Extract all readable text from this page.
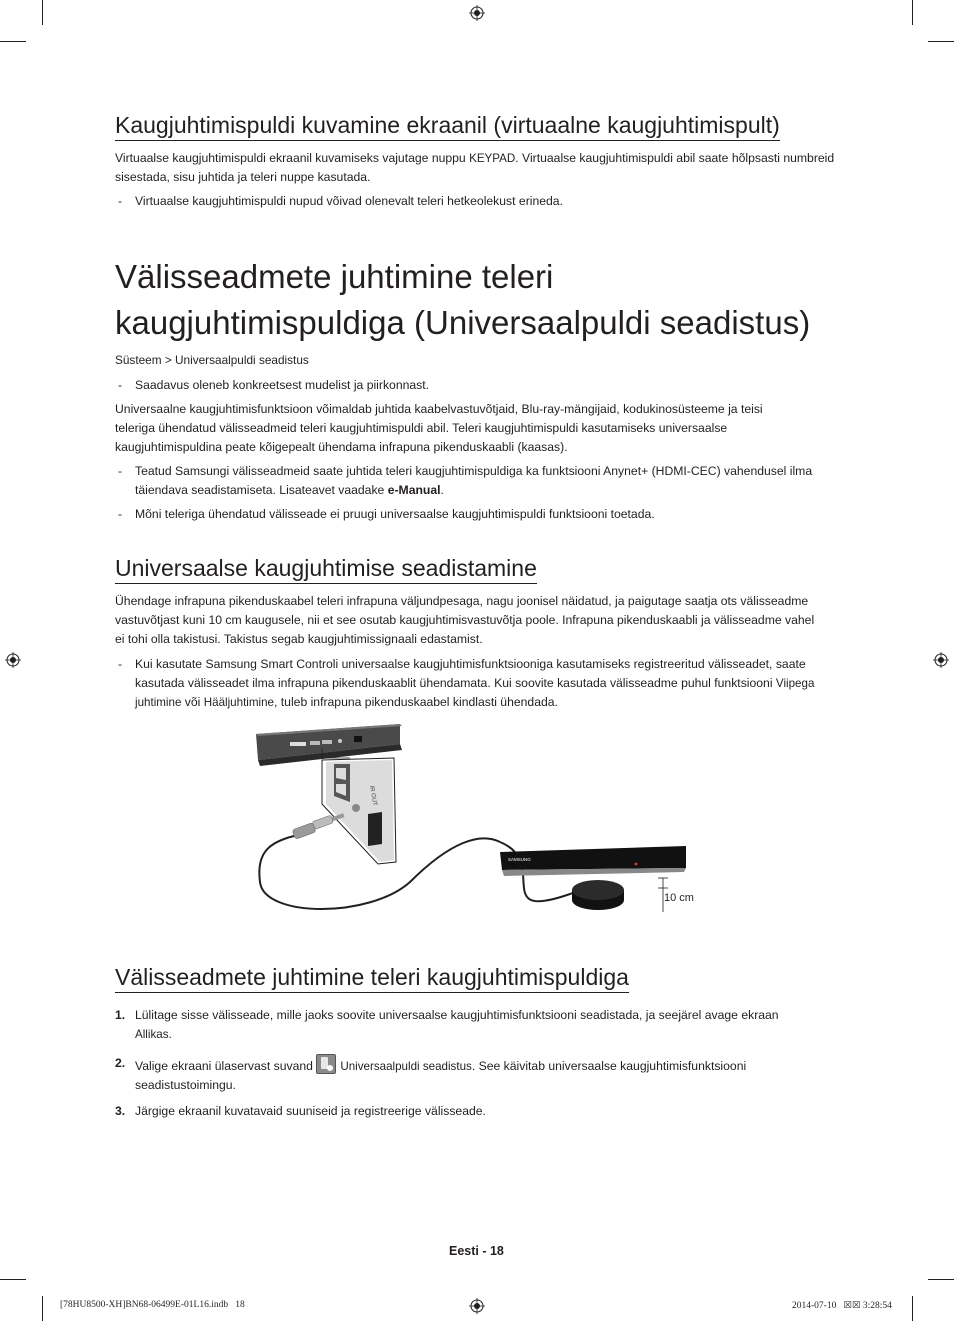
Kaugjuhtimispuldi kuvamine ekraanil (virtuaalne kaugjuhtimispult)
Virtuaalse kaugjuhtimispuldi ekraanil kuvamiseks vajutage nuppu KEYPAD. Virtuaalse kaugjuhtimispuldi abil saate hõlpsasti numbreid sisestada, sisu juhtida ja teleri nuppe kasutada.
- Virtuaalse kaugjuhtimispuldi nupud võivad olenevalt teleri hetkeolekust erineda.
Välisseadmete juhtimine teleri
kaugjuhtimispuldiga (Universaalpuldi seadistus)
Süsteem > Universaalpuldi seadistus
- Saadavus oleneb konkreetsest mudelist ja piirkonnast.
Universaalne kaugjuhtimisfunktsioon võimaldab juhtida kaabelvastuvõtjaid, Blu-ray-mängijaid, kodukinosüsteeme ja teisi teleriga ühendatud välisseadmeid teleri kaugjuhtimispuldi abil. Teleri kaugjuhtimispuldi kasutamiseks universaalse kaugjuhtimispuldina peate kõigepealt ühendama infrapuna pikenduskaabli (kaasas).
- Teatud Samsungi välisseadmeid saate juhtida teleri kaugjuhtimispuldiga ka funktsiooni Anynet+ (HDMI-CEC) vahendusel ilma täiendava seadistamiseta. Lisateavet vaadake e-Manual.
- Mõni teleriga ühendatud välisseade ei pruugi universaalse kaugjuhtimispuldi funktsiooni toetada.
Universaalse kaugjuhtimise seadistamine
Ühendage infrapuna pikenduskaabel teleri infrapuna väljundpesaga, nagu joonisel näidatud, ja paigutage saatja ots välisseadme vastuvõtjast kuni 10 cm kaugusele, nii et see osutab kaugjuhtimisvastuvõtja poole. Infrapuna pikenduskaabli ja välisseadme vahel ei tohi olla takistusi. Takistus segab kaugjuhtimissignaali edastamist.
- Kui kasutate Samsung Smart Controli universaalse kaugjuhtimisfunktsiooniga kasutamiseks registreeritud välisseadet, saate kasutada välisseadet ilma infrapuna pikenduskaablit ühendamata. Kui soovite kasutada välisseadme puhul funktsiooni Viipega juhtimine või Hääljuhtimine, tuleb infrapuna pikenduskaabel kindlasti ühendada.
IR OUT
SAMSUNG
10 cm
Välisseadmete juhtimine teleri kaugjuhtimispuldiga
1. Lülitage sisse välisseade, mille jaoks soovite universaalse kaugjuhtimisfunktsiooni seadistada, ja seejärel avage ekraan Allikas.
2. Valige ekraani ülaservast suvand
Universaalpuldi seadistus. See käivitab universaalse kaugjuhtimisfunktsiooni seadistustoimingu.
3. Järgige ekraanil kuvatavaid suuniseid ja registreerige välisseade.
Eesti - 18
[78HU8500-XH]BN68-06499E-01L16.indb   18	2014-07-10   ☒☒ 3:28:54
